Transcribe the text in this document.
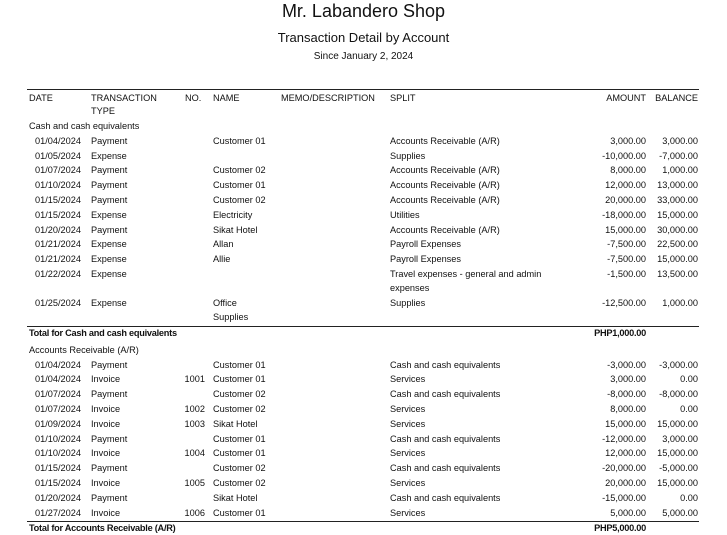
Mr. Labandero Shop
Transaction Detail by Account
Since January 2, 2024
DATE	TRANSACTION
TYPE
NO. NAME	MEMO/DESCRIPTION SPLIT	AMOUNT BALANCE
Cash and cash equivalents
01/04/2024 Payment	Customer 01	Accounts Receivable (A/R)	3,000.00 3,000.00
01/05/2024 Expense	Supplies	-10,000.00 -7,000.00
01/07/2024 Payment	Customer 02	Accounts Receivable (A/R)	8,000.00 1,000.00
01/10/2024 Payment	Customer 01	Accounts Receivable (A/R)	12,000.00 13,000.00
01/15/2024 Payment	Customer 02	Accounts Receivable (A/R)	20,000.00 33,000.00
01/15/2024 Expense	Electricity	Utilities	-18,000.00 15,000.00
01/20/2024 Payment	Sikat Hotel	Accounts Receivable (A/R)	15,000.00 30,000.00
01/21/2024 Expense	Allan	Payroll Expenses	-7,500.00 22,500.00
01/21/2024 Expense	Allie	Payroll Expenses	-7,500.00 15,000.00
01/22/2024 Expense	Travel expenses - general and admin	-1,500.00 13,500.00
expenses
01/25/2024 Expense	Office	Supplies	-12,500.00 1,000.00
Supplies
Total for Cash and cash equivalents	PHP1,000.00
Accounts Receivable (A/R)
01/04/2024 Payment	Customer 01	Cash and cash equivalents	-3,000.00 -3,000.00
01/04/2024 Invoice	1001 Customer 01	Services	3,000.00	0.00
01/07/2024 Payment	Customer 02	Cash and cash equivalents	-8,000.00 -8,000.00
01/07/2024 Invoice	1002 Customer 02	Services	8,000.00	0.00
01/09/2024 Invoice	1003 Sikat Hotel	Services	15,000.00 15,000.00
01/10/2024 Payment	Customer 01	Cash and cash equivalents	-12,000.00 3,000.00
01/10/2024 Invoice	1004 Customer 01	Services	12,000.00 15,000.00
01/15/2024 Payment	Customer 02	Cash and cash equivalents	-20,000.00 -5,000.00
01/15/2024 Invoice	1005 Customer 02	Services	20,000.00 15,000.00
01/20/2024 Payment	Sikat Hotel	Cash and cash equivalents	-15,000.00	0.00
01/27/2024 Invoice	1006 Customer 01	Services	5,000.00 5,000.00
Total for Accounts Receivable (A/R)	PHP5,000.00
